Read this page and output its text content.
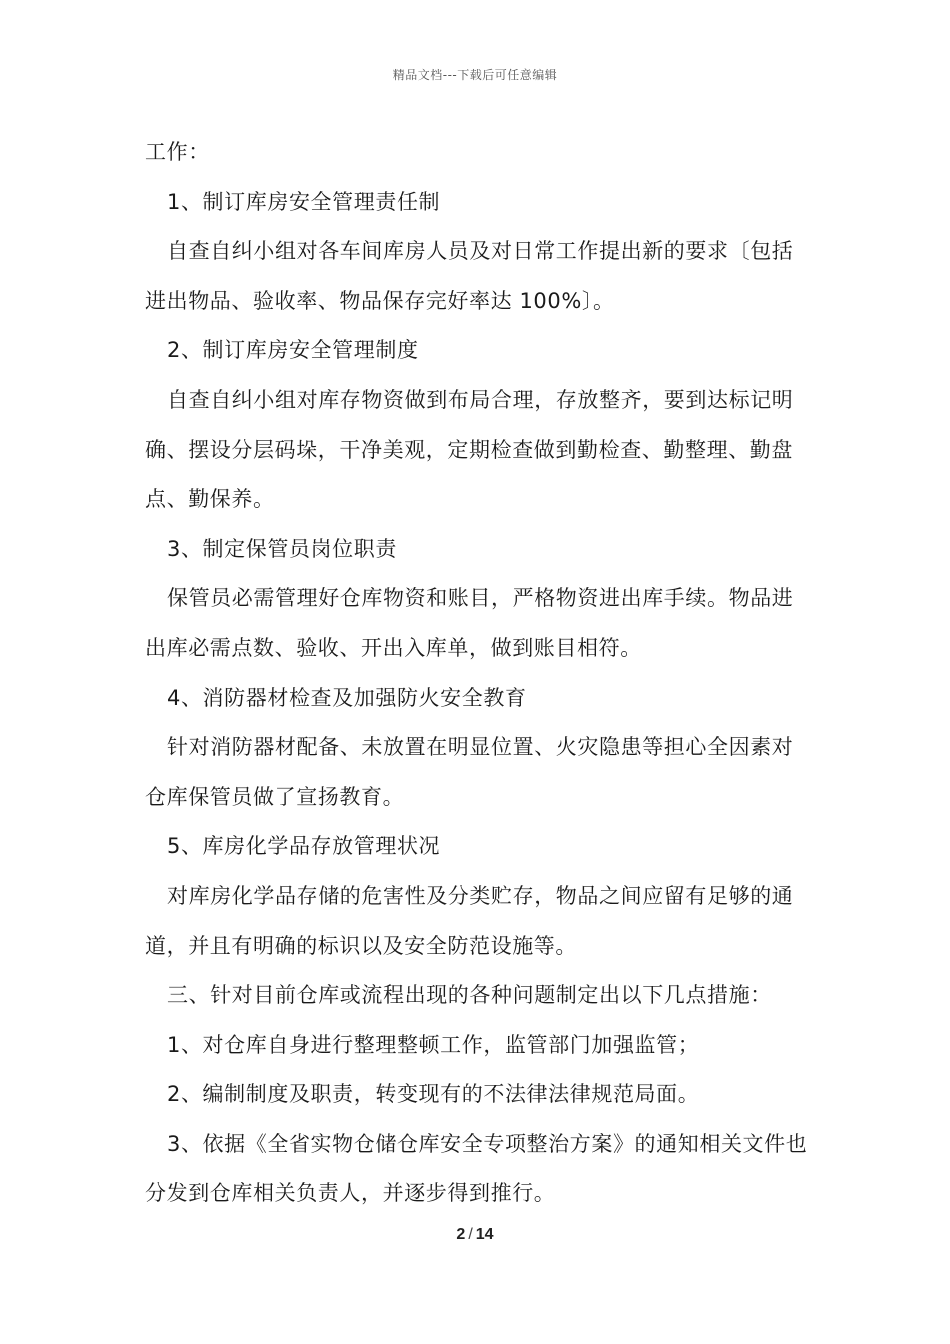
精品文档---下载后可任意编辑

工作：

1、制订库房安全管理责任制

自查自纠小组对各车间库房人员及对日常工作提出新的要求〔包括进出物品、验收率、物品保存完好率达 100%〕。

2、制订库房安全管理制度

自查自纠小组对库存物资做到布局合理，存放整齐，要到达标记明确、摆设分层码垛，干净美观，定期检查做到勤检查、勤整理、勤盘点、勤保养。

3、制定保管员岗位职责

保管员必需管理好仓库物资和账目，严格物资进出库手续。物品进出库必需点数、验收、开出入库单，做到账目相符。

4、消防器材检查及加强防火安全教育

针对消防器材配备、未放置在明显位置、火灾隐患等担心全因素对仓库保管员做了宣扬教育。

5、库房化学品存放管理状况

对库房化学品存储的危害性及分类贮存，物品之间应留有足够的通道，并且有明确的标识以及安全防范设施等。

三、针对目前仓库或流程出现的各种问题制定出以下几点措施：

1、对仓库自身进行整理整顿工作，监管部门加强监管；

2、编制制度及职责，转变现有的不法律法律规范局面。

3、依据《全省实物仓储仓库安全专项整治方案》的通知相关文件也分发到仓库相关负责人，并逐步得到推行。

2 / 14
